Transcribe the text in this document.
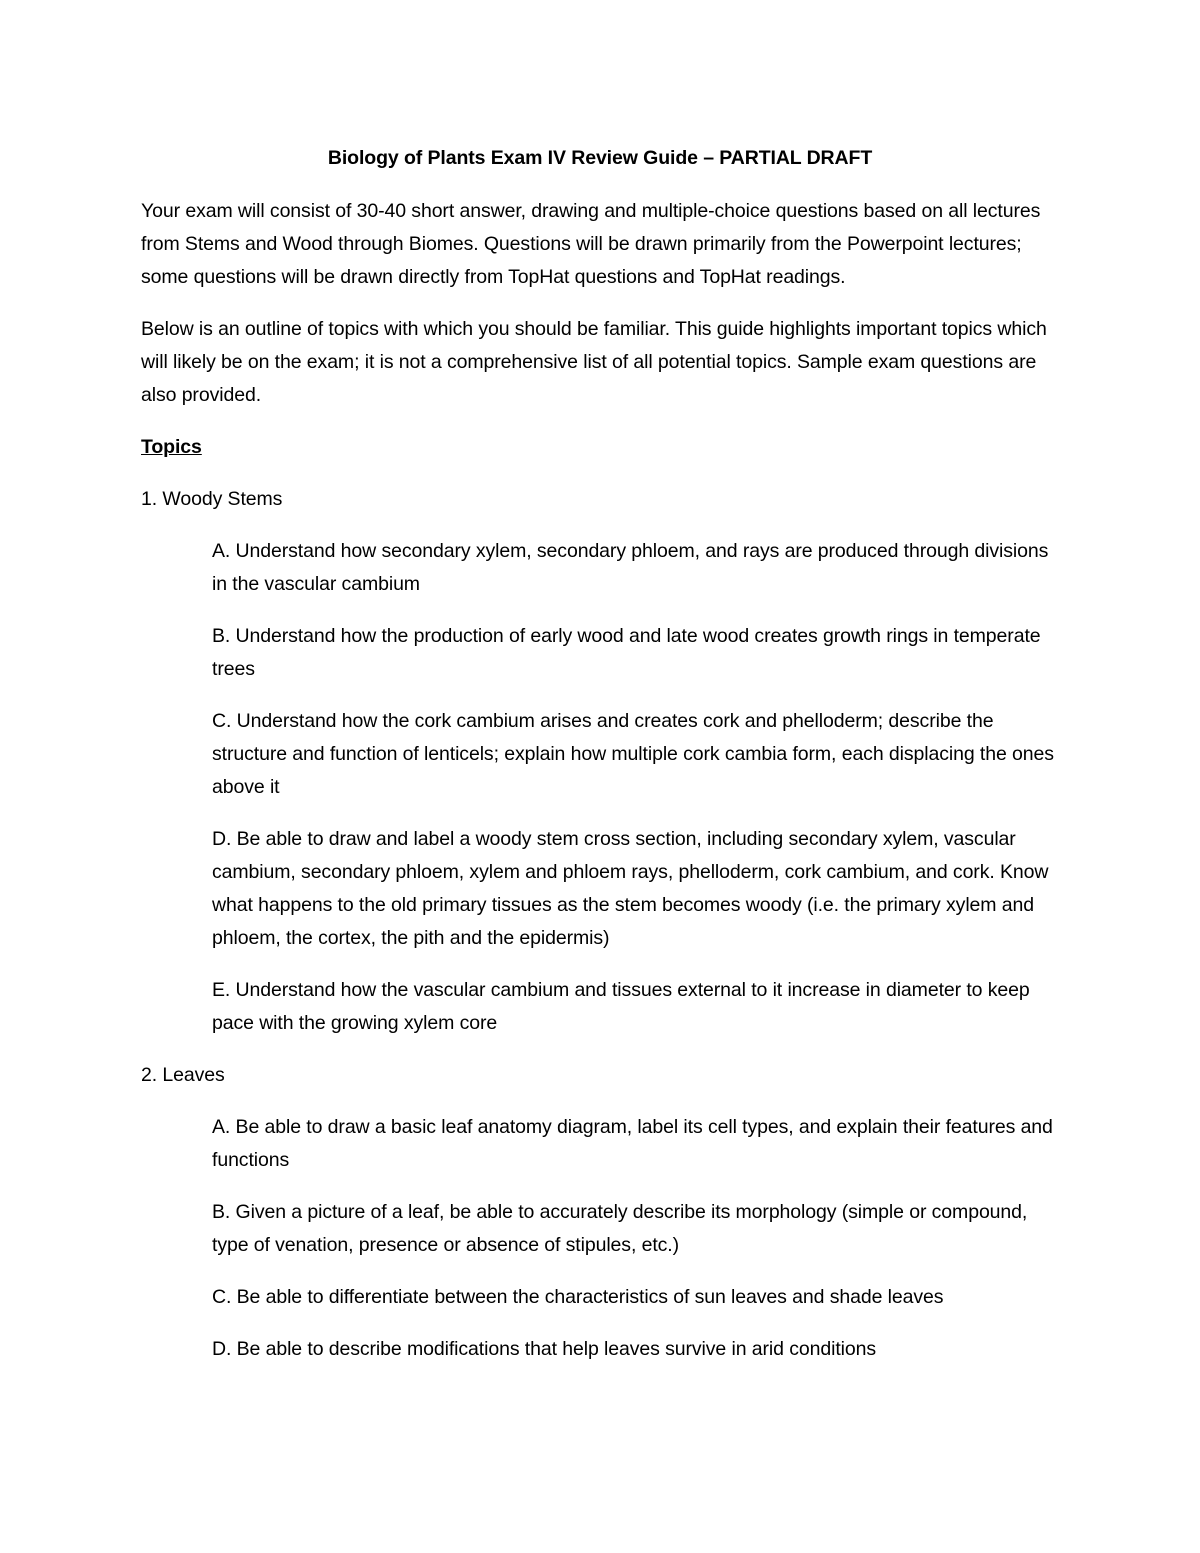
Biology of Plants Exam IV Review Guide – PARTIAL DRAFT

Your exam will consist of 30-40 short answer, drawing and multiple-choice questions based on all lectures from Stems and Wood through Biomes. Questions will be drawn primarily from the Powerpoint lectures; some questions will be drawn directly from TopHat questions and TopHat readings.

Below is an outline of topics with which you should be familiar. This guide highlights important topics which will likely be on the exam; it is not a comprehensive list of all potential topics. Sample exam questions are also provided.

Topics
1. Woody Stems
A. Understand how secondary xylem, secondary phloem, and rays are produced through divisions in the vascular cambium
B. Understand how the production of early wood and late wood creates growth rings in temperate trees
C. Understand how the cork cambium arises and creates cork and phelloderm; describe the structure and function of lenticels; explain how multiple cork cambia form, each displacing the ones above it
D. Be able to draw and label a woody stem cross section, including secondary xylem, vascular cambium, secondary phloem, xylem and phloem rays, phelloderm, cork cambium, and cork. Know what happens to the old primary tissues as the stem becomes woody (i.e. the primary xylem and phloem, the cortex, the pith and the epidermis)
E. Understand how the vascular cambium and tissues external to it increase in diameter to keep pace with the growing xylem core
2. Leaves
A. Be able to draw a basic leaf anatomy diagram, label its cell types, and explain their features and functions
B. Given a picture of a leaf, be able to accurately describe its morphology (simple or compound, type of venation, presence or absence of stipules, etc.)
C. Be able to differentiate between the characteristics of sun leaves and shade leaves
D. Be able to describe modifications that help leaves survive in arid conditions
